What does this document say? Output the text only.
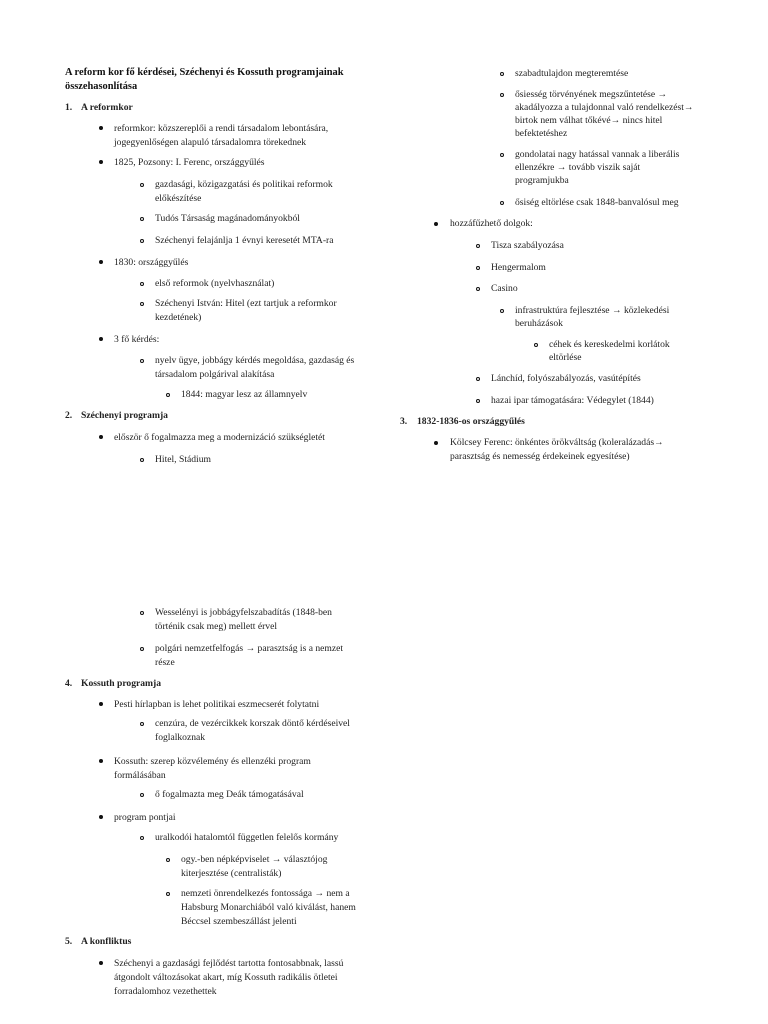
A reform kor fő kérdései, Széchenyi és Kossuth programjainak
összehasonlítása
1. A reformkor
reformkor: közszereplői a rendi társadalom lebontására,
jogegyenlőségen alapuló társadalomra törekednek
1825, Pozsony: I. Ferenc, országgyűlés
gazdasági, közigazgatási és politikai reformok
előkészítése
Tudós Társaság magánadományokból
Széchenyi felajánlja 1 évnyi keresetét MTA-ra
1830: országgyűlés
első reformok (nyelvhasználat)
Széchenyi István: Hitel (ezt tartjuk a reformkor
kezdetének)
3 fő kérdés:
nyelv ügye, jobbágy kérdés megoldása, gazdaság és
társadalom polgárival alakítása
1844: magyar lesz az államnyelv
2. Széchenyi programja
először ő fogalmazza meg a modernizáció szükségletét
Hitel, Stádium
Wesselényi is jobbágyfelszabadítás (1848-ben
történik csak meg) mellett érvel
polgári nemzetfelfogás → parasztság is a nemzet
része
4. Kossuth programja
Pesti hírlapban is lehet politikai eszmecserét folytatni
cenzúra, de vezércikkek korszak döntő kérdéseivel
foglalkoznak
Kossuth: szerep közvélemény és ellenzéki program
formálásában
ő fogalmazta meg Deák támogatásával
program pontjai
uralkodói hatalomtól független felelős kormány
ogy.-ben népképviselet → választójog
kiterjesztése (centralisták)
nemzeti önrendelkezés fontossága → nem a
Habsburg Monarchiából való kiválást, hanem
Béccsel szembeszállást jelenti
5. A konfliktus
Széchenyi a gazdasági fejlődést tartotta fontosabbnak, lassú
átgondolt változásokat akart, míg Kossuth radikális ötletei
forradalomhoz vezethettek
szabadtulajdon megteremtése
ősiesség törvényének megszűntetése →
akadályozza a tulajdonnal való rendelkezést→
birtok nem válhat tőkévé→ nincs hitel
befektetéshez
gondolatai nagy hatással vannak a liberális
ellenzékre → tovább viszik saját
programjukba
ősiség eltörlése csak 1848-banvalósul meg
hozzáfűzhető dolgok:
Tisza szabályozása
Hengermalom
Casino
infrastruktúra fejlesztése → közlekedési
beruházások
céhek és kereskedelmi korlátok
eltörlése
Lánchíd, folyószabályozás, vasútépítés
hazai ipar támogatására: Védegylet (1844)
3. 1832-1836-os országgyűlés
Kölcsey Ferenc: önkéntes örökváltság (koleralázadás→
parasztság és nemesség érdekeinek egyesítése)
